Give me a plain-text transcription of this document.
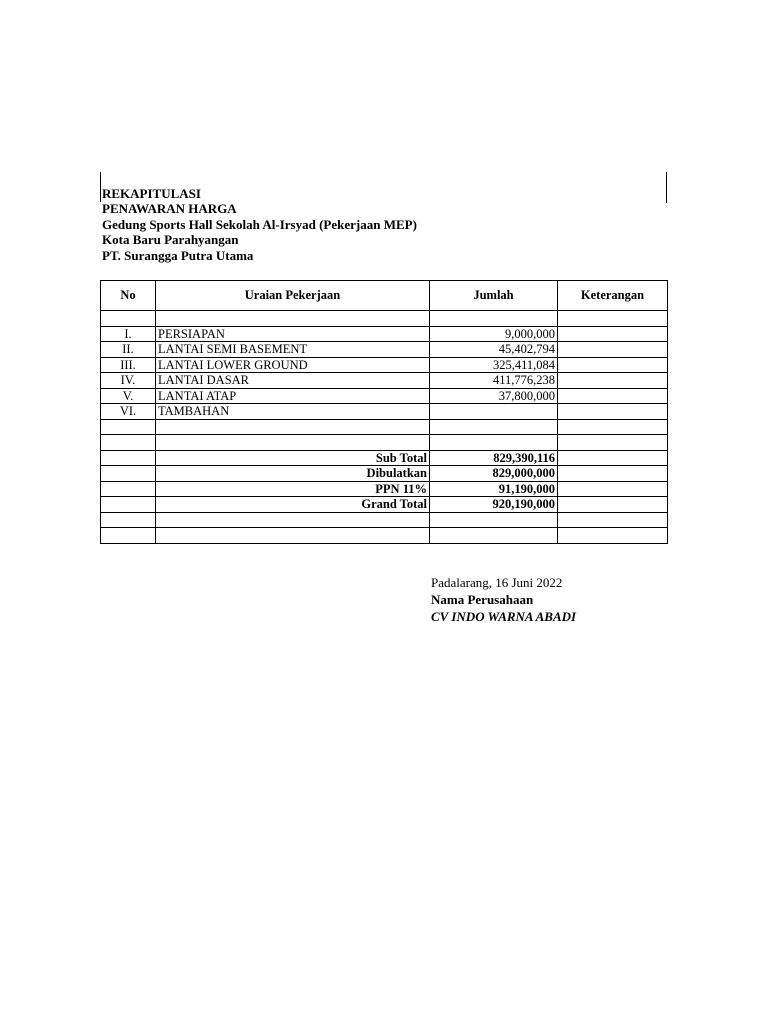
REKAPITULASI
PENAWARAN HARGA
Gedung Sports Hall Sekolah Al-Irsyad (Pekerjaan MEP)
Kota Baru Parahyangan
PT. Surangga Putra Utama
No	Uraian Pekerjaan	Jumlah	Keterangan

I.	PERSIAPAN	9,000,000	
II.	LANTAI SEMI BASEMENT	45,402,794	
III.	LANTAI LOWER GROUND	325,411,084	
IV.	LANTAI DASAR	411,776,238	
V.	LANTAI ATAP	37,800,000	
VI.	TAMBAHAN		

	Sub Total	829,390,116	
	Dibulatkan	829,000,000	
	PPN 11%	91,190,000	
	Grand Total	920,190,000	

Padalarang, 16 Juni 2022
Nama Perusahaan
CV INDO WARNA ABADI
